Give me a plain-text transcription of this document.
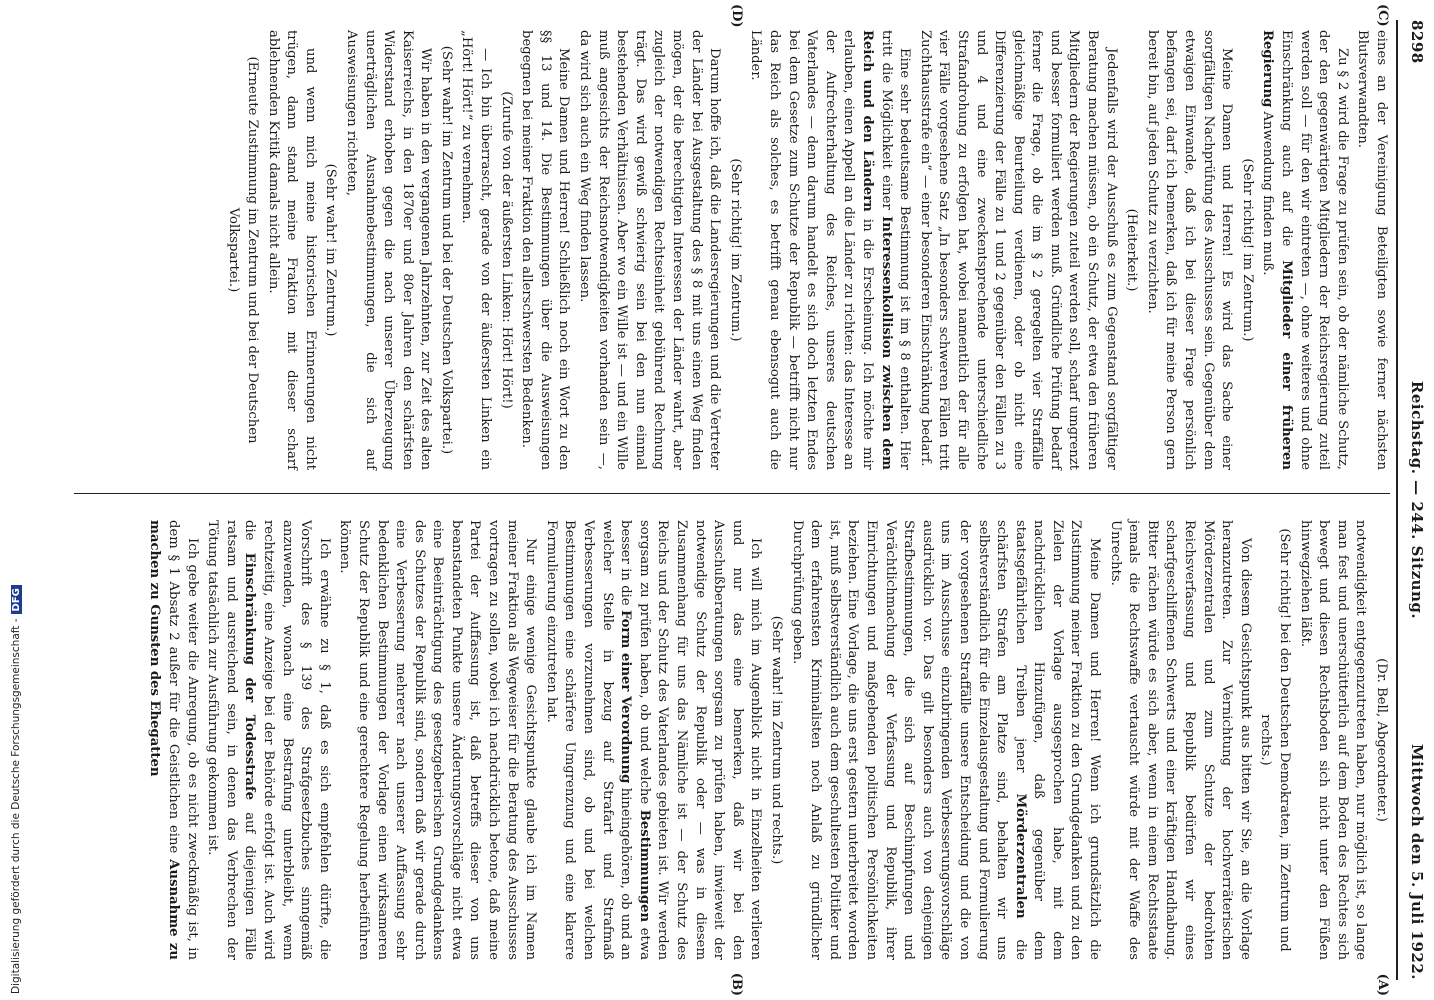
8298
Reichstag. — 244. Sitzung.
Mittwoch den 5. Juli 1922.
(C)
(D)
(A)
(B)

eines an der Vereinigung Beteiligten sowie ferner nächsten Blutsverwandten.

Zu § 2 wird die Frage zu prüfen sein, ob der nämliche Schutz, der den gegenwärtigen Mitgliedern der Reichsregierung zuteil werden soll — für den wir eintreten —, ohne weiteres und ohne Einschränkung auch auf die Mitglieder einer früheren Regierung Anwendung finden muß.

(Sehr richtig! im Zentrum.)

Meine Damen und Herren! Es wird das Sache einer sorgfältigen Nachprüfung des Ausschusses sein. Gegenüber dem etwaigen Einwande, daß ich bei dieser Frage persönlich befangen sei, darf ich bemerken, daß ich für meine Person gern bereit bin, auf jeden Schutz zu verzichten.

(Heiterkeit.)

Jedenfalls wird der Ausschuß es zum Gegenstand sorgfältiger Beratung machen müssen, ob ein Schutz, der etwa den früheren Mitgliedern der Regierungen zuteil werden soll, scharf umgrenzt und besser formuliert werden muß. Gründliche Prüfung bedarf ferner die Frage, ob die im § 2 geregelten vier Straffälle gleichmäßige Beurteilung verdienen, oder ob nicht eine Differenzierung der Fälle zu 1 und 2 gegenüber den Fällen zu 3 und 4 und eine zweckentsprechende unterschiedliche Strafandrohung zu erfolgen hat, wobei namentlich der für alle vier Fälle vorgesehene Satz „In besonders schweren Fällen tritt Zuchthausstrafe ein“ — einer besonderen Einschränkung bedarf.

Eine sehr bedeutsame Bestimmung ist im § 8 enthalten. Hier tritt die Möglichkeit einer Interessenkollision zwischen dem Reich und den Ländern in die Erscheinung. Ich möchte mir erlauben, einen Appell an die Länder zu richten: das Interesse an der Aufrechterhaltung des Reiches, unseres deutschen Vaterlandes — denn darum handelt es sich doch letzten Endes bei dem Gesetze zum Schutze der Republik — betrifft nicht nur das Reich als solches, es betrifft genau ebensogut auch die Länder.

(Sehr richtig! im Zentrum.)

Darum hoffe ich, daß die Landesregierungen und die Vertreter der Länder bei Ausgestaltung des § 8 mit uns einen Weg finden mögen, der die berechtigten Interessen der Länder wahrt, aber zugleich der notwendigen Rechtseinheit gebührend Rechnung trägt. Das wird gewiß schwierig sein bei den nun einmal bestehenden Verhältnissen. Aber wo ein Wille ist — und ein Wille muß angesichts der Reichsnotwendigkeiten vorhanden sein —, da wird sich auch ein Weg finden lassen.

Meine Damen und Herren! Schließlich noch ein Wort zu den §§ 13 und 14. Die Bestimmungen über die Ausweisungen begegnen bei meiner Fraktion den allerschwersten Bedenken.

(Zurufe von der äußersten Linken: Hört! Hört!)

— Ich bin überrascht, gerade von der äußersten Linken ein „Hört! Hört!“ zu vernehmen.

(Sehr wahr! im Zentrum und bei der Deutschen Volkspartei.)

Wir haben in den vergangenen Jahrzehnten, zur Zeit des alten Kaiserreichs, in den 1870er und 80er Jahren den schärfsten Widerstand erhoben gegen die nach unserer Überzeugung unerträglichen Ausnahmebestimmungen, die sich auf Ausweisungen richteten,

(Sehr wahr! im Zentrum.)

und wenn mich meine historischen Erinnerungen nicht trügen, dann stand meine Fraktion mit dieser scharf ablehnenden Kritik damals nicht allein.

(Erneute Zustimmung im Zentrum und bei der Deutschen Volkspartei.)

(Dr. Bell, Abgeordneter.)

notwendigkeit entgegenzutreten haben, nur möglich ist, so lange man fest und unerschütterlich auf dem Boden des Rechtes sich bewegt und diesen Rechtsboden sich nicht unter den Füßen hinwegziehen läßt.

(Sehr richtig! bei den Deutschen Demokraten, im Zentrum und rechts.)

Von diesem Gesichtspunkt aus bitten wir Sie, an die Vorlage heranzutreten. Zur Vernichtung der hochverräterischen Mörderzentralen und zum Schutze der bedrohten Reichsverfassung und Republik bedürfen wir eines scharfgeschliffenen Schwerts und einer kräftigen Handhabung. Bitter rächen würde es sich aber, wenn in einem Rechtsstaate jemals die Rechtswaffe vertauscht würde mit der Waffe des Unrechts.

Meine Damen und Herren! Wenn ich grundsätzlich die Zustimmung meiner Fraktion zu den Grundgedanken und zu den Zielen der Vorlage ausgesprochen habe, mit dem nachdrücklichen Hinzufügen, daß gegenüber dem staatsgefährlichen Treiben jener Mörderzentralen die schärfsten Strafen am Platze sind, behalten wir uns selbstverständlich für die Einzelausgestaltung und Formulierung der vorgesehenen Straffälle unsere Entscheidung und die von uns im Ausschusse einzubringenden Verbesserungsvorschläge ausdrücklich vor. Das gilt besonders auch von denjenigen Strafbestimmungen, die sich auf Beschimpfungen und Verächtlichmachung der Verfassung und Republik, ihrer Einrichtungen und maßgebenden politischen Persönlichkeiten beziehen. Eine Vorlage, die uns erst gestern unterbreitet worden ist, muß selbstverständlich auch dem geschultesten Politiker und dem erfahrensten Kriminalisten noch Anlaß zu gründlicher Durchprüfung geben.

(Sehr wahr! im Zentrum und rechts.)

Ich will mich im Augenblick nicht in Einzelheiten verlieren und nur das eine bemerken, daß wir bei den Ausschußberatungen sorgsam zu prüfen haben, inwieweit der notwendige Schutz der Republik oder — was in diesem Zusammenhang für uns das Nämliche ist — der Schutz des Reichs und der Schutz des Vaterlandes gebieten ist. Wir werden sorgsam zu prüfen haben, ob und welche Bestimmungen etwa besser in die Form einer Verordnung hineingehören, ob und an welcher Stelle in bezug auf Strafart und Strafmaß Verbesserungen vorzunehmen sind, ob und bei welchen Bestimmungen eine schärfere Umgrenzung und eine klarere Formulierung einzutreten hat.

Nur einige wenige Gesichtspunkte glaube ich im Namen meiner Fraktion als Wegweiser für die Beratung des Ausschusses vortragen zu sollen, wobei ich nachdrücklich betone, daß meine Partei der Auffassung ist, daß betreffs dieser von uns beanstandeten Punkte unsere Änderungsvorschläge nicht etwa eine Beeinträchtigung des gesetzgeberischen Grundgedankens des Schutzes der Republik sind, sondern daß wir gerade durch eine Verbesserung mehrerer nach unserer Auffassung sehr bedenklichen Bestimmungen der Vorlage einen wirksameren Schutz der Republik und eine gerechtere Regelung herbeiführen können.

Ich erwähne zu § 1, daß es sich empfehlen dürfte, die Vorschrift des § 139 des Strafgesetzbuches sinngemäß anzuwenden, wonach eine Bestrafung unterbleibt, wenn rechtzeitig, eine Anzeige bei der Behörde erfolgt ist. Auch wird die Einschränkung der Todesstrafe auf diejenigen Fälle ratsam und ausreichend sein, in denen das Verbrechen der Tötung tatsächlich zur Ausführung gekommen ist.

Ich gebe weiter die Anregung, ob es nicht zweckmäßig ist, in dem § 1 Absatz 2 außer für die Geistlichen eine Ausnahme zu machen zu Gunsten des Ehegatten

Digitalisierung gefördert durch die Deutsche Forschungsgemeinschaft -DFG
